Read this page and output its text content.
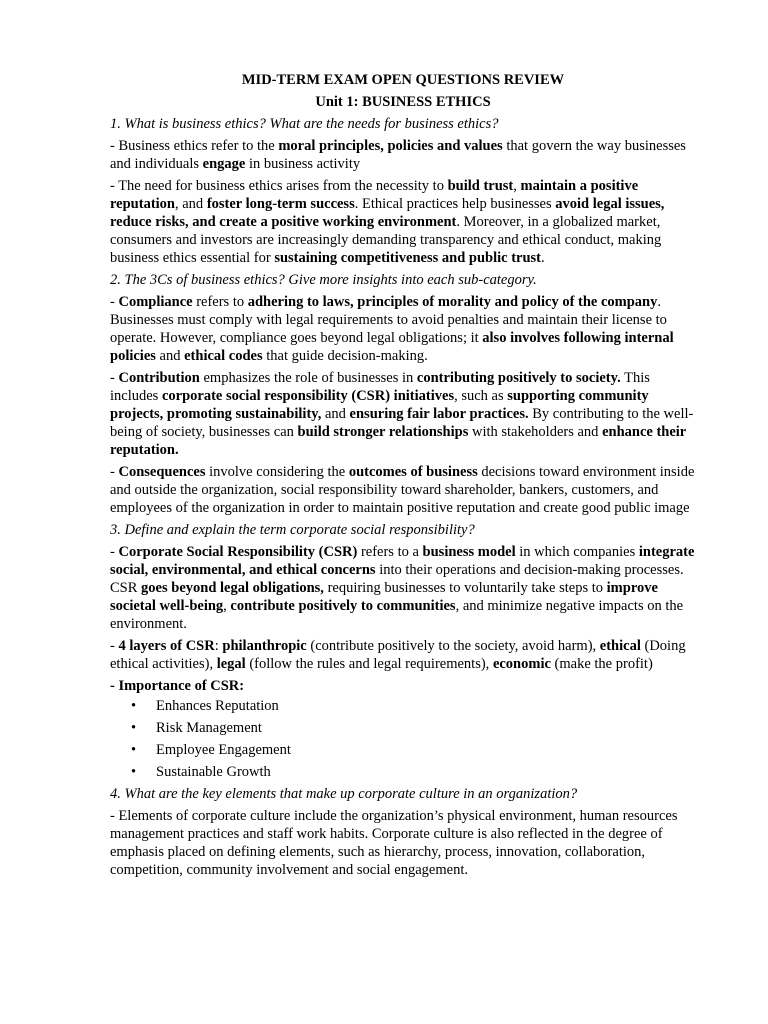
MID-TERM EXAM OPEN QUESTIONS REVIEW
Unit 1: BUSINESS ETHICS
1. What is business ethics? What are the needs for business ethics?
- Business ethics refer to the moral principles, policies and values that govern the way businesses and individuals engage in business activity
- The need for business ethics arises from the necessity to build trust, maintain a positive reputation, and foster long-term success. Ethical practices help businesses avoid legal issues, reduce risks, and create a positive working environment. Moreover, in a globalized market, consumers and investors are increasingly demanding transparency and ethical conduct, making business ethics essential for sustaining competitiveness and public trust.
2. The 3Cs of business ethics? Give more insights into each sub-category.
- Compliance refers to adhering to laws, principles of morality and policy of the company. Businesses must comply with legal requirements to avoid penalties and maintain their license to operate. However, compliance goes beyond legal obligations; it also involves following internal policies and ethical codes that guide decision-making.
- Contribution emphasizes the role of businesses in contributing positively to society. This includes corporate social responsibility (CSR) initiatives, such as supporting community projects, promoting sustainability, and ensuring fair labor practices. By contributing to the well-being of society, businesses can build stronger relationships with stakeholders and enhance their reputation.
- Consequences involve considering the outcomes of business decisions toward environment inside and outside the organization, social responsibility toward shareholder, bankers, customers, and employees of the organization in order to maintain positive reputation and create good public image
3. Define and explain the term corporate social responsibility?
- Corporate Social Responsibility (CSR) refers to a business model in which companies integrate social, environmental, and ethical concerns into their operations and decision-making processes. CSR goes beyond legal obligations, requiring businesses to voluntarily take steps to improve societal well-being, contribute positively to communities, and minimize negative impacts on the environment.
- 4 layers of CSR: philanthropic (contribute positively to the society, avoid harm), ethical (Doing ethical activities), legal (follow the rules and legal requirements), economic (make the profit)
- Importance of CSR:
• Enhances Reputation
• Risk Management
• Employee Engagement
• Sustainable Growth
4. What are the key elements that make up corporate culture in an organization?
- Elements of corporate culture include the organization’s physical environment, human resources management practices and staff work habits. Corporate culture is also reflected in the degree of emphasis placed on defining elements, such as hierarchy, process, innovation, collaboration, competition, community involvement and social engagement.
